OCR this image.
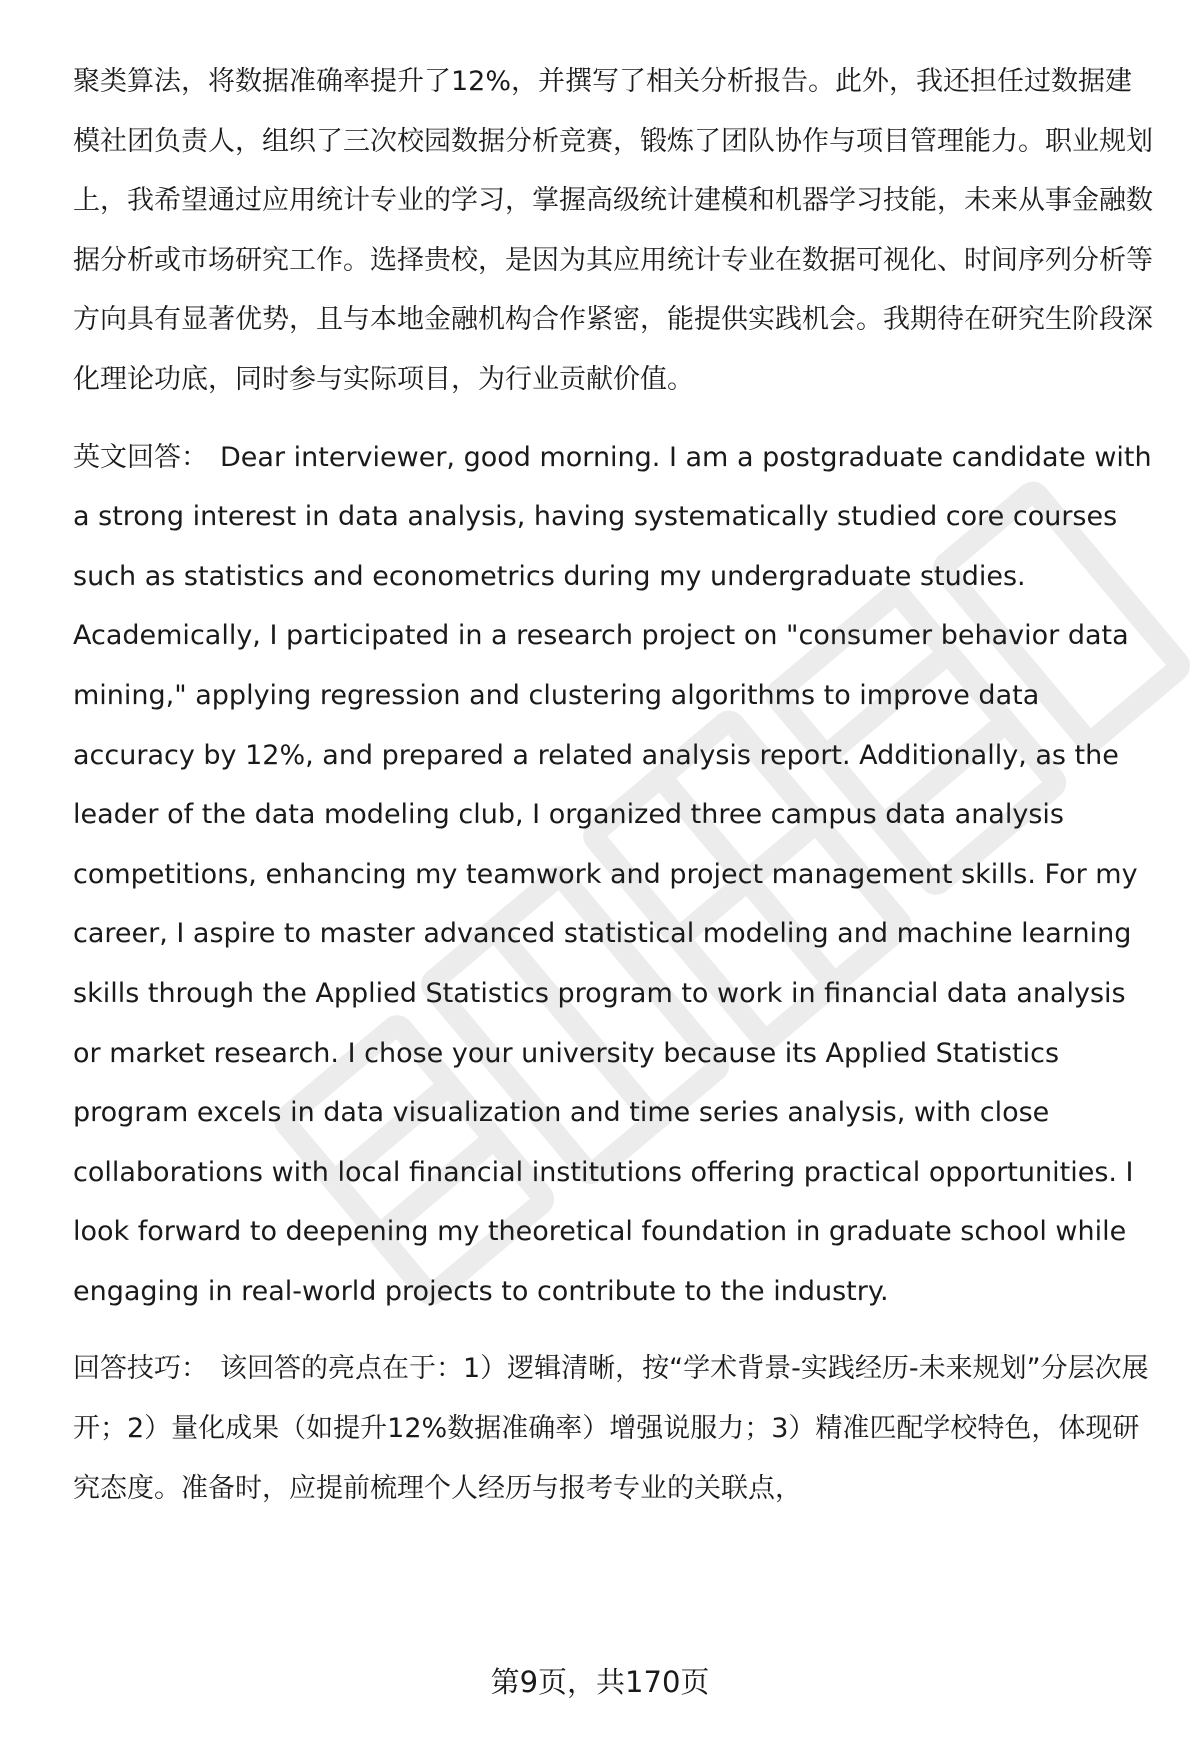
聚类算法，将数据准确率提升了12%，并撰写了相关分析报告。此外，我还担任过数据建模社团负责人，组织了三次校园数据分析竞赛，锻炼了团队协作与项目管理能力。职业规划上，我希望通过应用统计专业的学习，掌握高级统计建模和机器学习技能，未来从事金融数据分析或市场研究工作。选择贵校，是因为其应用统计专业在数据可视化、时间序列分析等方向具有显著优势，且与本地金融机构合作紧密，能提供实践机会。我期待在研究生阶段深化理论功底，同时参与实际项目，为行业贡献价值。

英文回答： Dear interviewer, good morning. I am a postgraduate candidate with a strong interest in data analysis, having systematically studied core courses such as statistics and econometrics during my undergraduate studies. Academically, I participated in a research project on "consumer behavior data mining," applying regression and clustering algorithms to improve data accuracy by 12%, and prepared a related analysis report. Additionally, as the leader of the data modeling club, I organized three campus data analysis competitions, enhancing my teamwork and project management skills. For my career, I aspire to master advanced statistical modeling and machine learning skills through the Applied Statistics program to work in financial data analysis or market research. I chose your university because its Applied Statistics program excels in data visualization and time series analysis, with close collaborations with local financial institutions offering practical opportunities. I look forward to deepening my theoretical foundation in graduate school while engaging in real-world projects to contribute to the industry.

回答技巧： 该回答的亮点在于：1）逻辑清晰，按“学术背景-实践经历-未来规划”分层次展开；2）量化成果（如提升12%数据准确率）增强说服力；3）精准匹配学校特色，体现研究态度。准备时，应提前梳理个人经历与报考专业的关联点，

第9页，共170页
